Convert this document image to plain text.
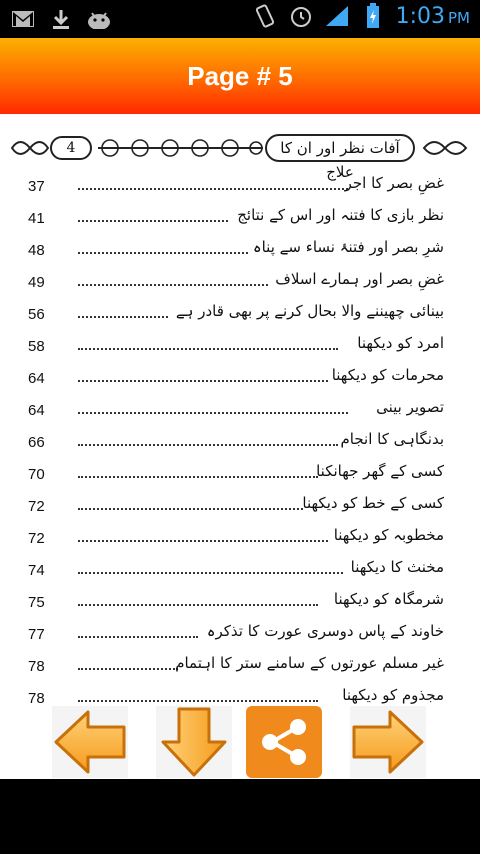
1:03 PM
Page # 5
4	آفات نظر اور ان کا علاج
37	غضِ بصر کا اجر
41	نظر بازی کا فتنہ اور اس کے نتائج
48	شرِ بصر اور فتنۂ نساء سے پناہ
49	غضِ بصر اور ہمارے اسلاف
56	بینائی چھیننے والا بحال کرنے پر بھی قادر ہے
58	امرد کو دیکھنا
64	محرمات کو دیکھنا
64	تصویر بینی
66	بدنگاہی کا انجام
70	کسی کے گھر جھانکنا
72	کسی کے خط کو دیکھنا
72	مخطوبہ کو دیکھنا
74	مخنث کا دیکھنا
75	شرمگاہ کو دیکھنا
77	خاوند کے پاس دوسری عورت کا تذکرہ
78	غیر مسلم عورتوں کے سامنے ستر کا اہتمام
78	مجذوم کو دیکھنا
